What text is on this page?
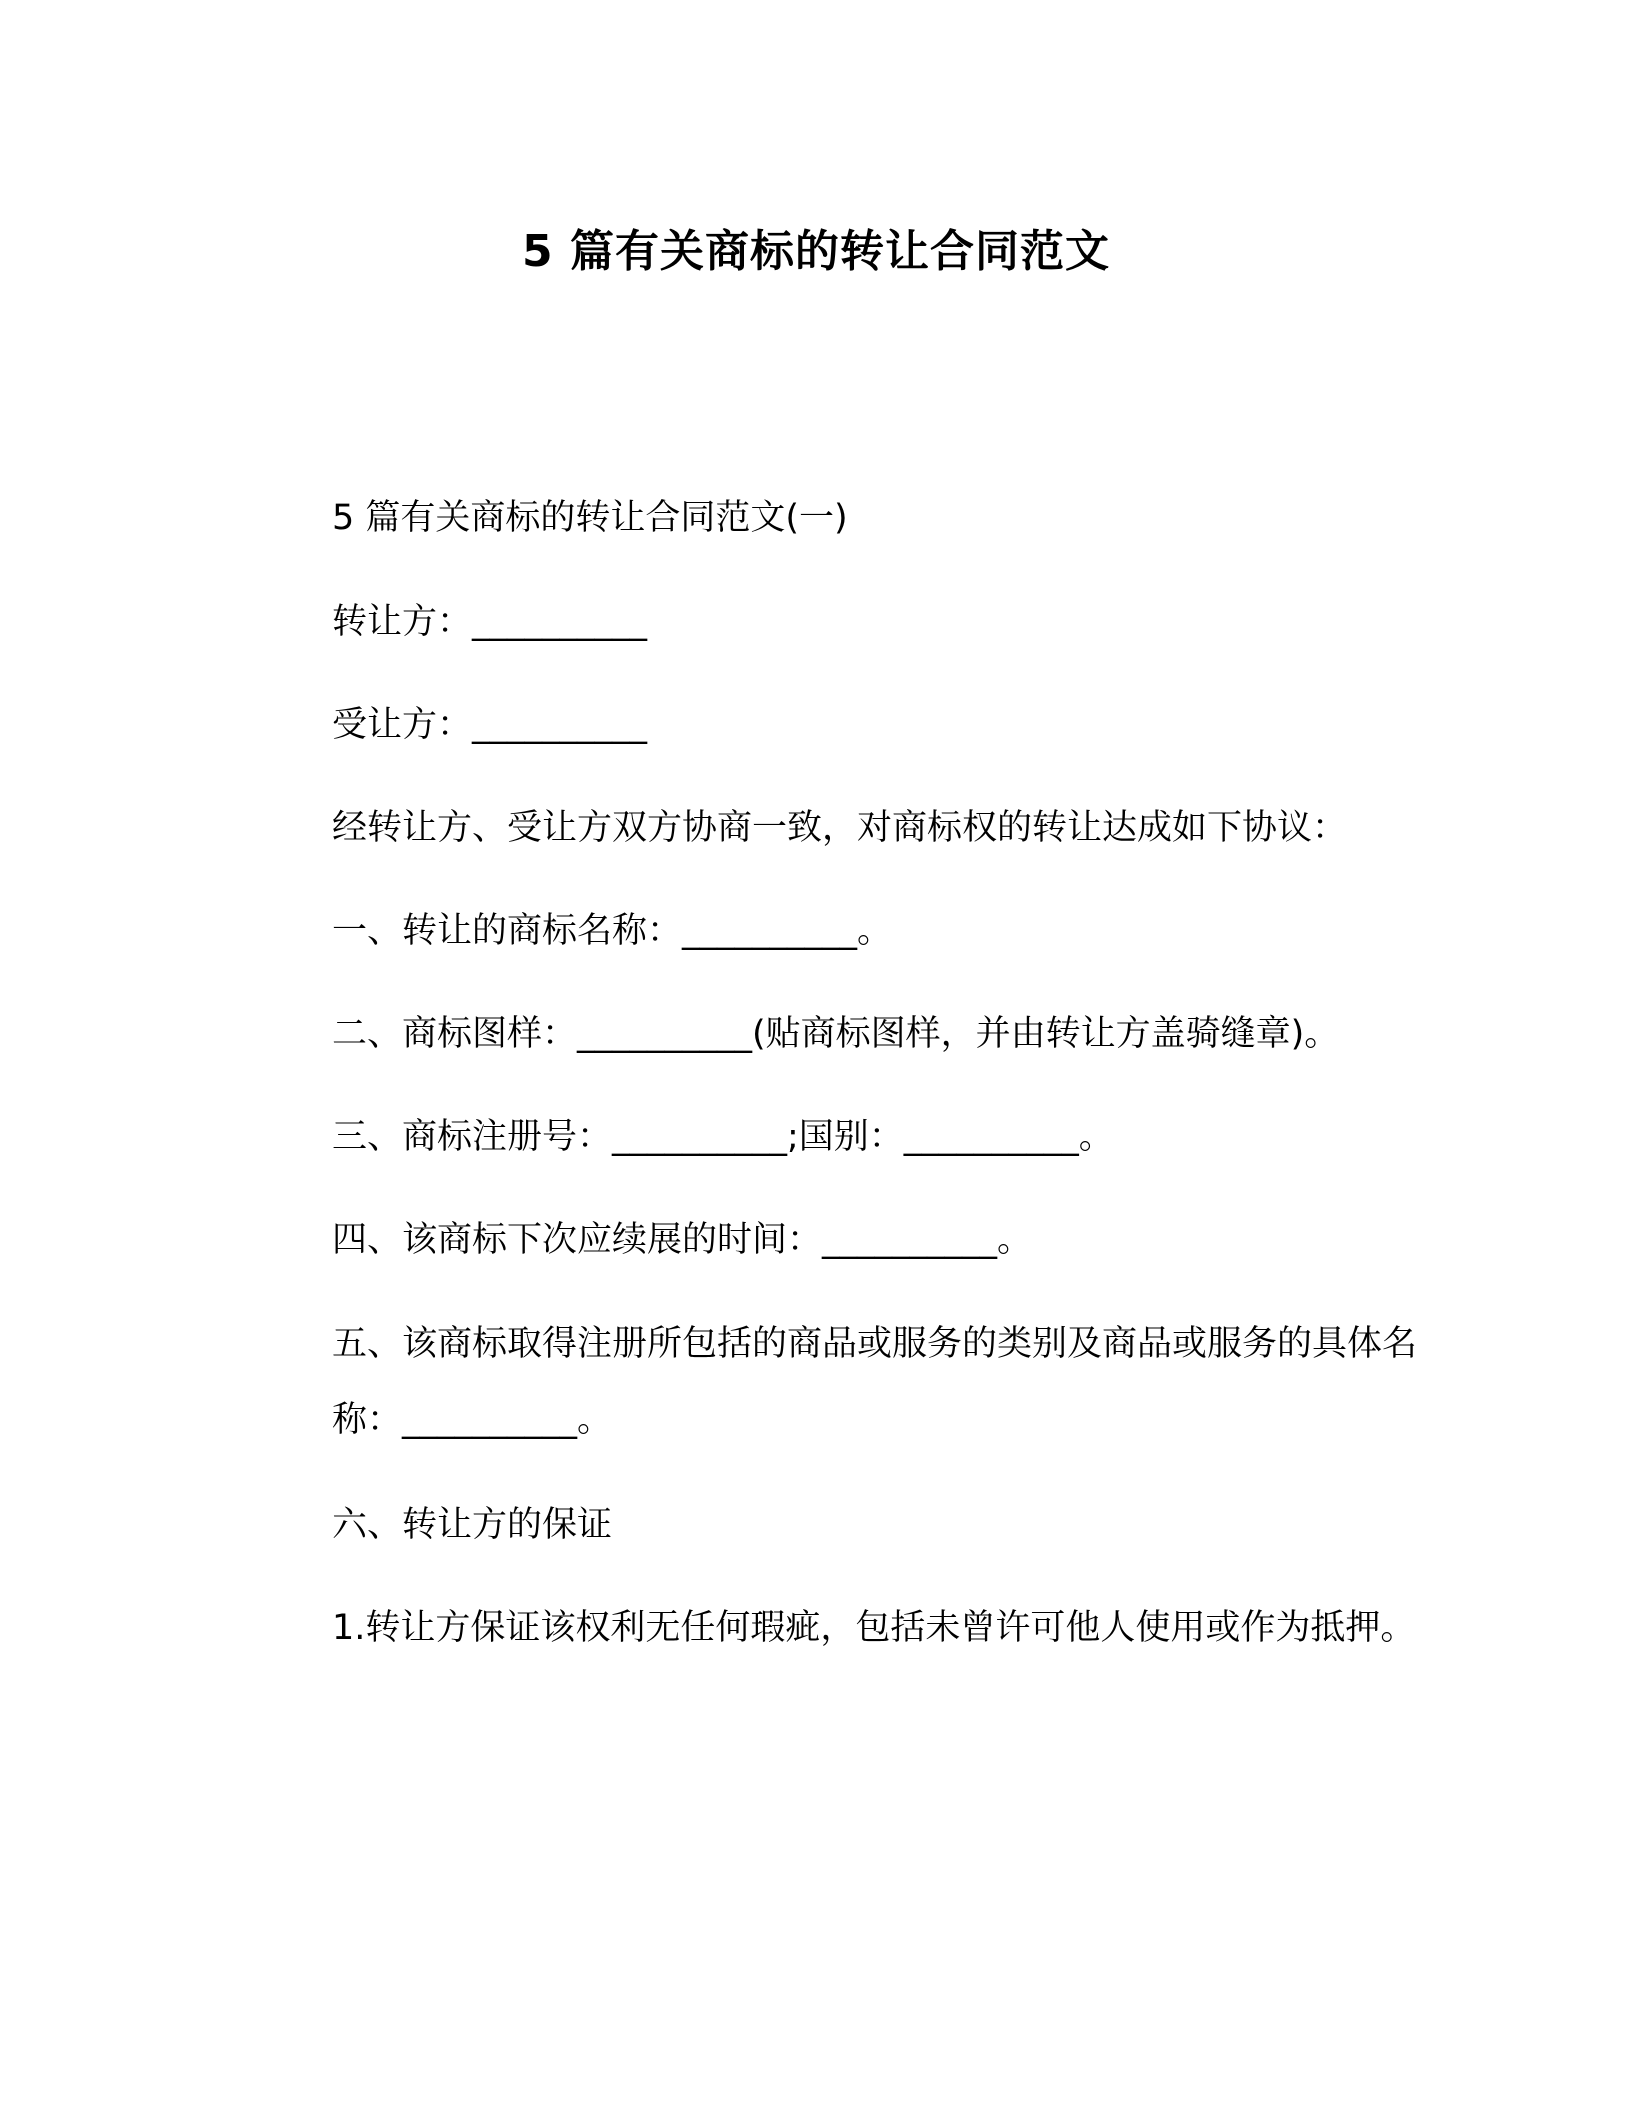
5 篇有关商标的转让合同范文
5 篇有关商标的转让合同范文(一)
转让方：__________
受让方：__________
经转让方、受让方双方协商一致，对商标权的转让达成如下协议：
一、转让的商标名称：__________。
二、商标图样：__________(贴商标图样，并由转让方盖骑缝章)。
三、商标注册号：__________;国别：__________。
四、该商标下次应续展的时间：__________。
五、该商标取得注册所包括的商品或服务的类别及商品或服务的具体名称：__________。
六、转让方的保证
1.转让方保证该权利无任何瑕疵，包括未曾许可他人使用或作为抵押。
